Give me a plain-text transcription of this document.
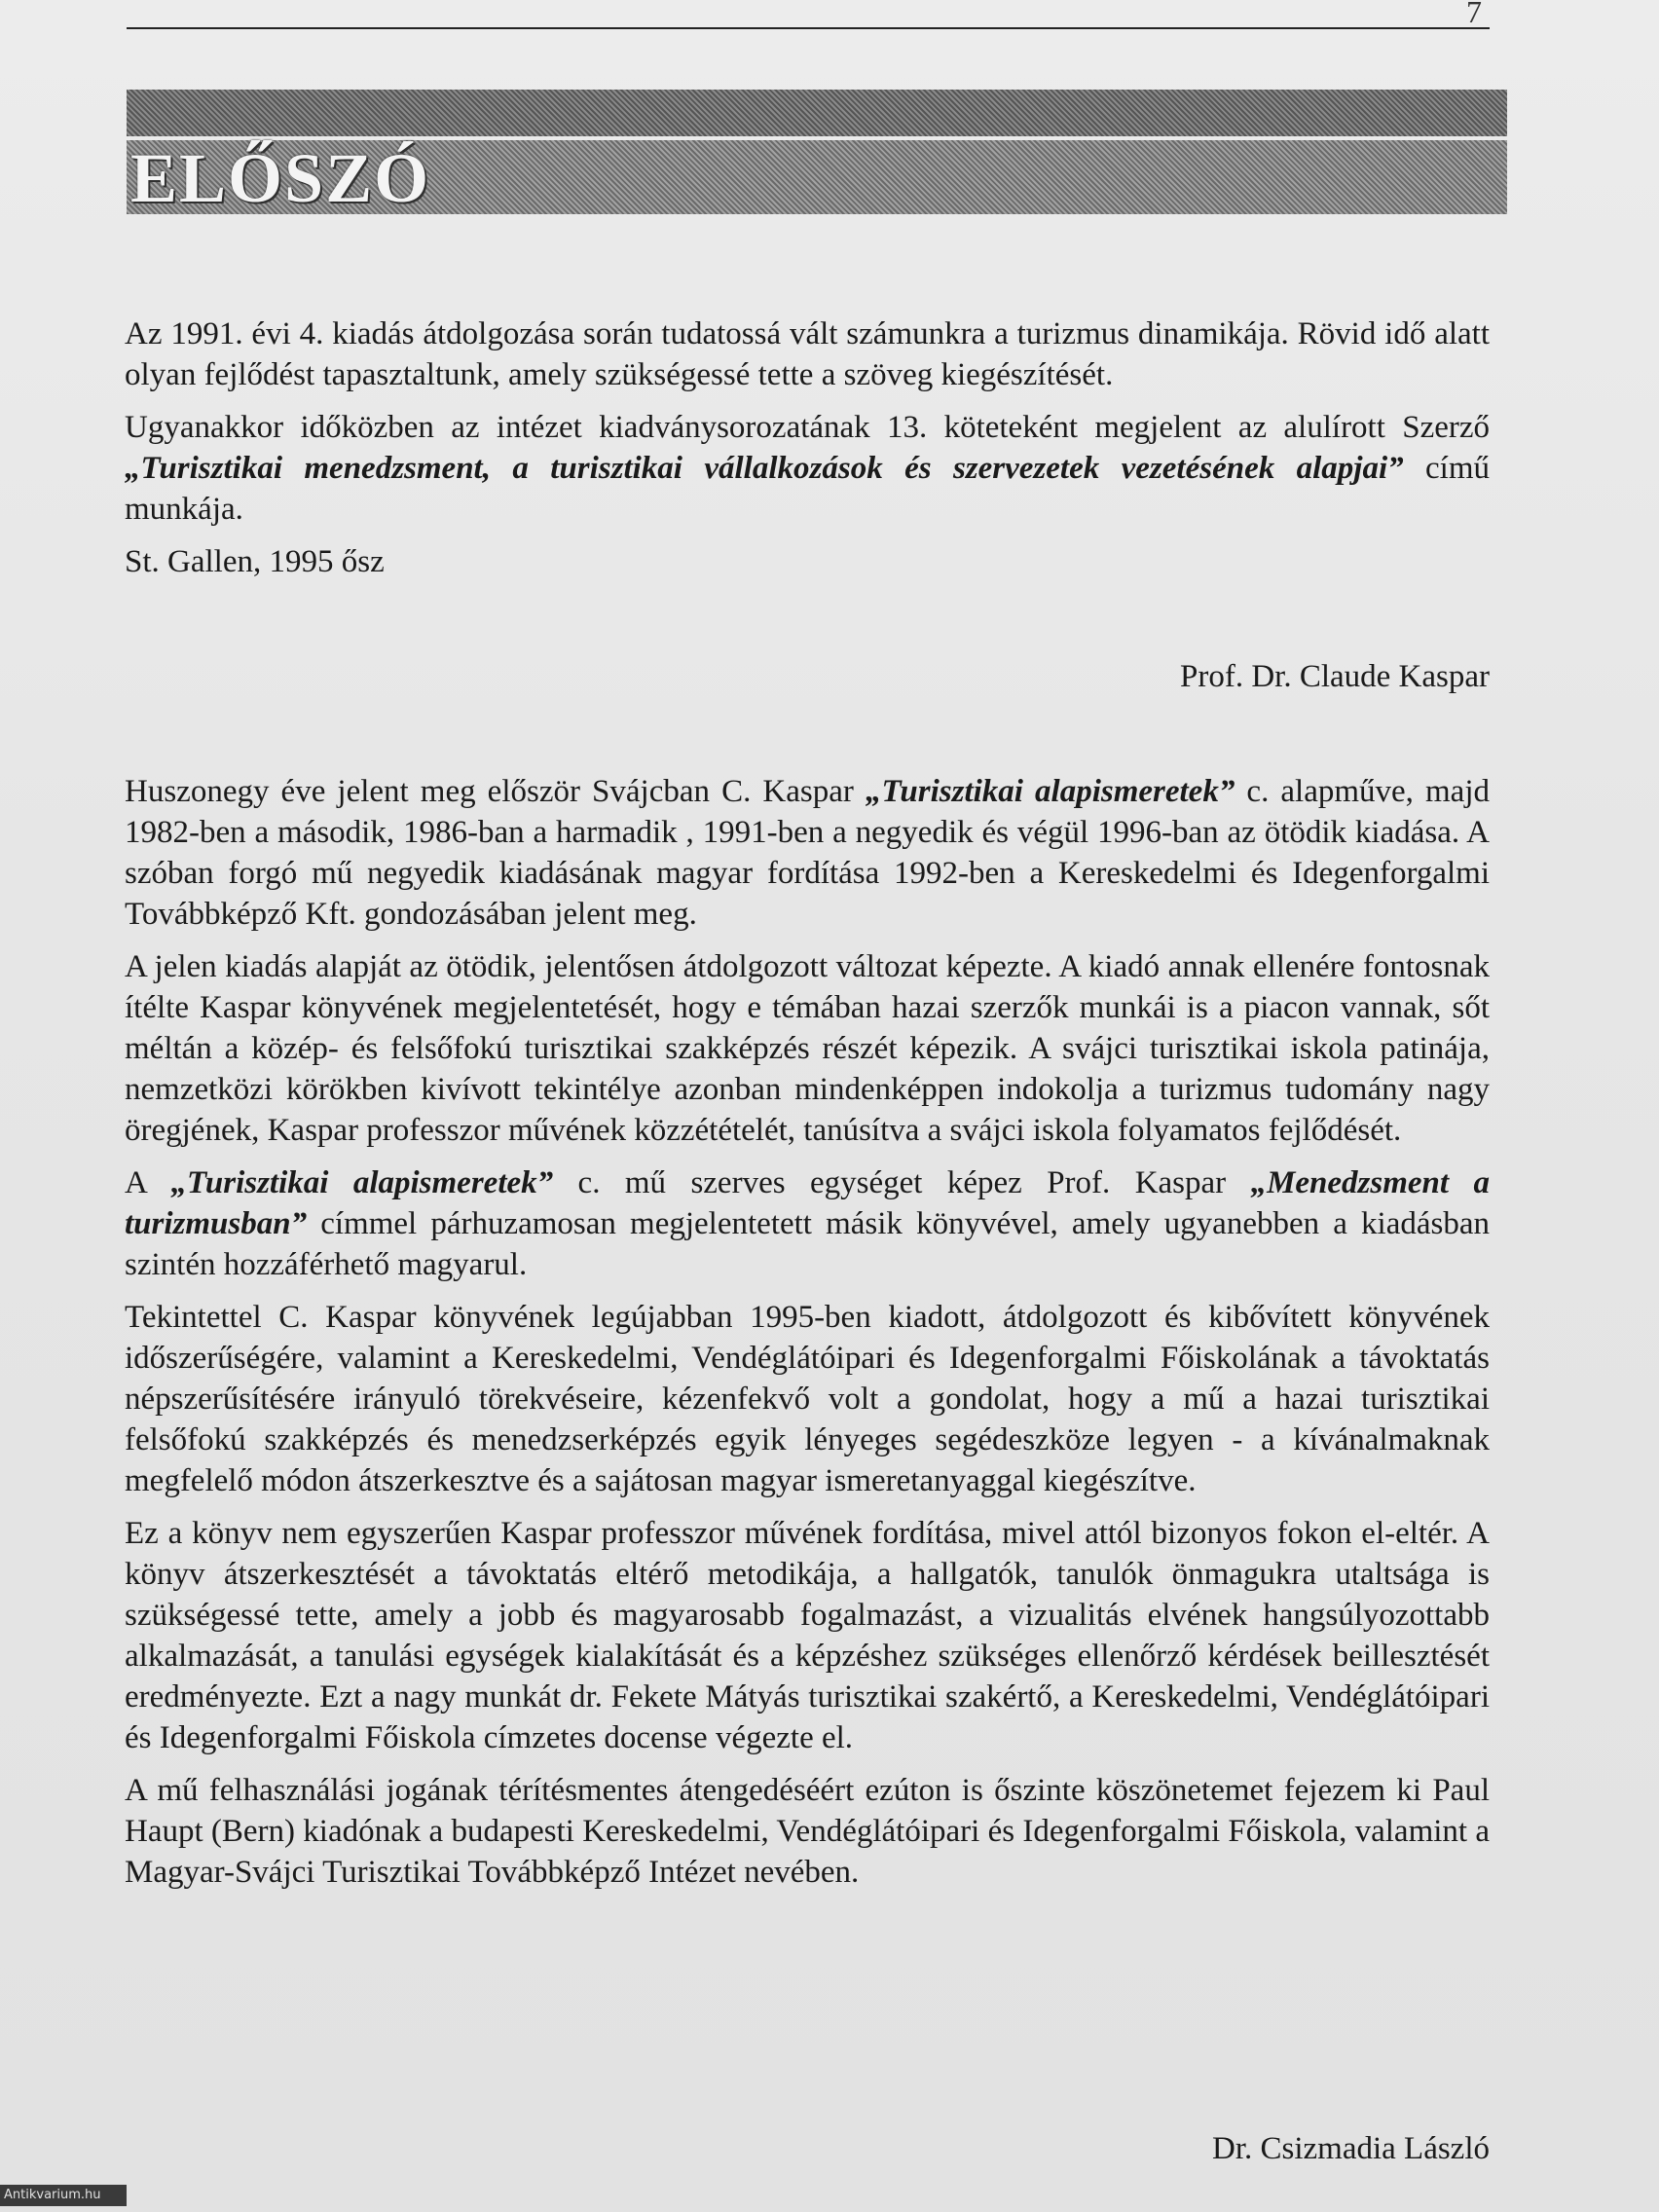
7
ELŐSZÓ

Az 1991. évi 4. kiadás átdolgozása során tudatossá vált számunkra a turizmus dinamikája. Rövid idő alatt olyan fejlődést tapasztaltunk, amely szükségessé tette a szöveg kiegészítését.

Ugyanakkor időközben az intézet kiadványsorozatának 13. köteteként megjelent az alulírott Szerző „Turisztikai menedzsment, a turisztikai vállalkozások és szervezetek vezetésének alapjai” című munkája.

St. Gallen, 1995 ősz

Prof. Dr. Claude Kaspar

Huszonegy éve jelent meg először Svájcban C. Kaspar „Turisztikai alapismeretek” c. alapműve, majd 1982-ben a második, 1986-ban a harmadik , 1991-ben a negyedik és végül 1996-ban az ötödik kiadása. A szóban forgó mű negyedik kiadásának magyar fordítása 1992-ben a Kereskedelmi és Idegenforgalmi Továbbképző Kft. gondozásában jelent meg.

A jelen kiadás alapját az ötödik, jelentősen átdolgozott változat képezte. A kiadó annak ellenére fontosnak ítélte Kaspar könyvének megjelentetését, hogy e témában hazai szerzők munkái is a piacon vannak, sőt méltán a közép- és felsőfokú turisztikai szakképzés részét képezik. A svájci turisztikai iskola patinája, nemzetközi körökben kivívott tekintélye azonban mindenképpen indokolja a turizmus tudomány nagy öregjének, Kaspar professzor művének közzétételét, tanúsítva a svájci iskola folyamatos fejlődését.

A „Turisztikai alapismeretek” c. mű szerves egységet képez Prof. Kaspar „Menedzsment a turizmusban” címmel párhuzamosan megjelentetett másik könyvével, amely ugyanebben a kiadásban szintén hozzáférhető magyarul.

Tekintettel C. Kaspar könyvének legújabban 1995-ben kiadott, átdolgozott és kibővített könyvének időszerűségére, valamint a Kereskedelmi, Vendéglátóipari és Idegenforgalmi Főiskolának a távoktatás népszerűsítésére irányuló törekvéseire, kézenfekvő volt a gondolat, hogy a mű a hazai turisztikai felsőfokú szakképzés és menedzserképzés egyik lényeges segédeszköze legyen - a kívánalmaknak megfelelő módon átszerkesztve és a sajátosan magyar ismeretanyaggal kiegészítve.

Ez a könyv nem egyszerűen Kaspar professzor művének fordítása, mivel attól bizonyos fokon el-eltér. A könyv átszerkesztését a távoktatás eltérő metodikája, a hallgatók, tanulók önmagukra utaltsága is szükségessé tette, amely a jobb és magyarosabb fogalmazást, a vizualitás elvének hangsúlyozottabb alkalmazását, a tanulási egységek kialakítását és a képzéshez szükséges ellenőrző kérdések beillesztését eredményezte. Ezt a nagy munkát dr. Fekete Mátyás turisztikai szakértő, a Kereskedelmi, Vendéglátóipari és Idegenforgalmi Főiskola címzetes docense végezte el.

A mű felhasználási jogának térítésmentes átengedéséért ezúton is őszinte köszönetemet fejezem ki Paul Haupt (Bern) kiadónak a budapesti Kereskedelmi, Vendéglátóipari és Idegenforgalmi Főiskola, valamint a Magyar-Svájci Turisztikai Továbbképző Intézet nevében.

Dr. Csizmadia László
Antikvarium.hu
